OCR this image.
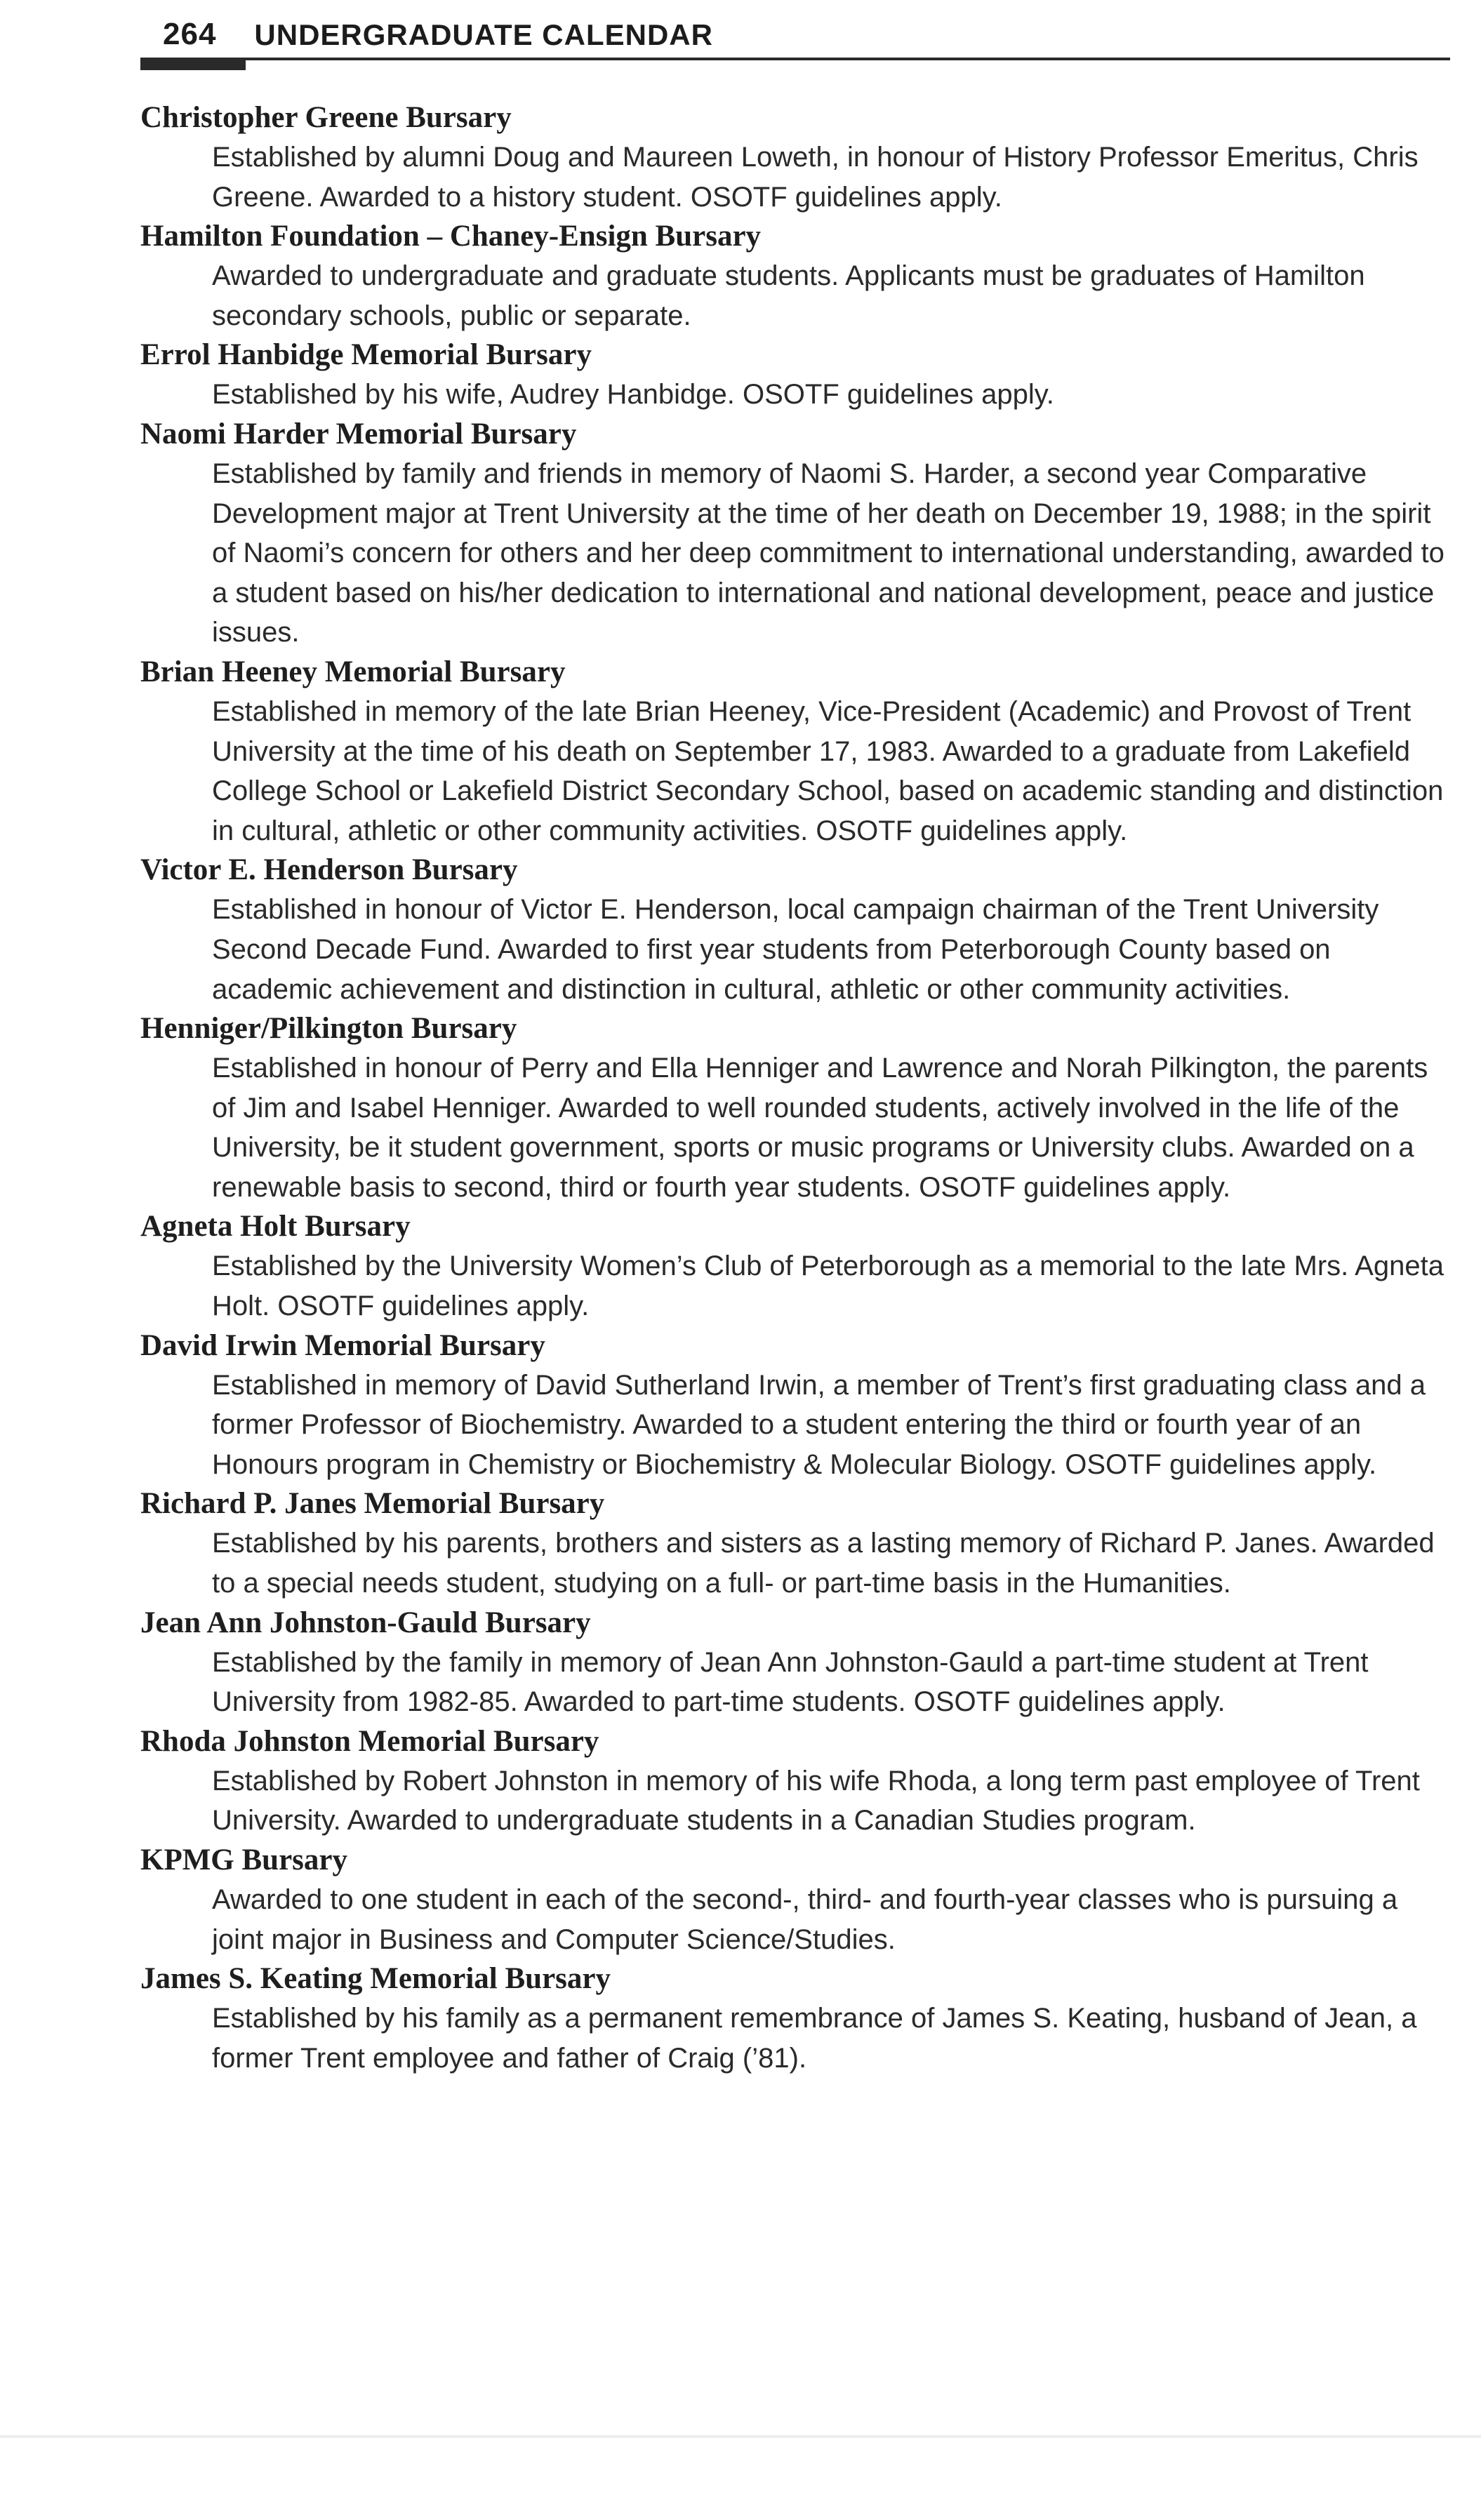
264 UNDERGRADUATE CALENDAR

Christopher Greene Bursary

Established by alumni Doug and Maureen Loweth, in honour of History Professor Emeritus, Chris Greene. Awarded to a history student. OSOTF guidelines apply.

Hamilton Foundation – Chaney-Ensign Bursary

Awarded to undergraduate and graduate students. Applicants must be graduates of Hamilton secondary schools, public or separate.

Errol Hanbidge Memorial Bursary

Established by his wife, Audrey Hanbidge. OSOTF guidelines apply.

Naomi Harder Memorial Bursary

Established by family and friends in memory of Naomi S. Harder, a second year Comparative Development major at Trent University at the time of her death on December 19, 1988; in the spirit of Naomi’s concern for others and her deep commitment to international understanding, awarded to a student based on his/her dedication to international and national development, peace and justice issues.

Brian Heeney Memorial Bursary

Established in memory of the late Brian Heeney, Vice-President (Academic) and Provost of Trent University at the time of his death on September 17, 1983. Awarded to a graduate from Lakefield College School or Lakefield District Secondary School, based on academic standing and distinction in cultural, athletic or other community activities. OSOTF guidelines apply.

Victor E. Henderson Bursary

Established in honour of Victor E. Henderson, local campaign chairman of the Trent University Second Decade Fund. Awarded to first year students from Peterborough County based on academic achievement and distinction in cultural, athletic or other community activities.

Henniger/Pilkington Bursary

Established in honour of Perry and Ella Henniger and Lawrence and Norah Pilkington, the parents of Jim and Isabel Henniger. Awarded to well rounded students, actively involved in the life of the University, be it student government, sports or music programs or University clubs. Awarded on a renewable basis to second, third or fourth year students. OSOTF guidelines apply.

Agneta Holt Bursary

Established by the University Women’s Club of Peterborough as a memorial to the late Mrs. Agneta Holt. OSOTF guidelines apply.

David Irwin Memorial Bursary

Established in memory of David Sutherland Irwin, a member of Trent’s first graduating class and a former Professor of Biochemistry. Awarded to a student entering the third or fourth year of an Honours program in Chemistry or Biochemistry & Molecular Biology. OSOTF guidelines apply.

Richard P. Janes Memorial Bursary

Established by his parents, brothers and sisters as a lasting memory of Richard P. Janes. Awarded to a special needs student, studying on a full- or part-time basis in the Humanities.

Jean Ann Johnston-Gauld Bursary

Established by the family in memory of Jean Ann Johnston-Gauld a part-time student at Trent University from 1982-85. Awarded to part-time students. OSOTF guidelines apply.

Rhoda Johnston Memorial Bursary

Established by Robert Johnston in memory of his wife Rhoda, a long term past employee of Trent University. Awarded to undergraduate students in a Canadian Studies program.

KPMG Bursary

Awarded to one student in each of the second-, third- and fourth-year classes who is pursuing a joint major in Business and Computer Science/Studies.

James S. Keating Memorial Bursary

Established by his family as a permanent remembrance of James S. Keating, husband of Jean, a former Trent employee and father of Craig (’81).
